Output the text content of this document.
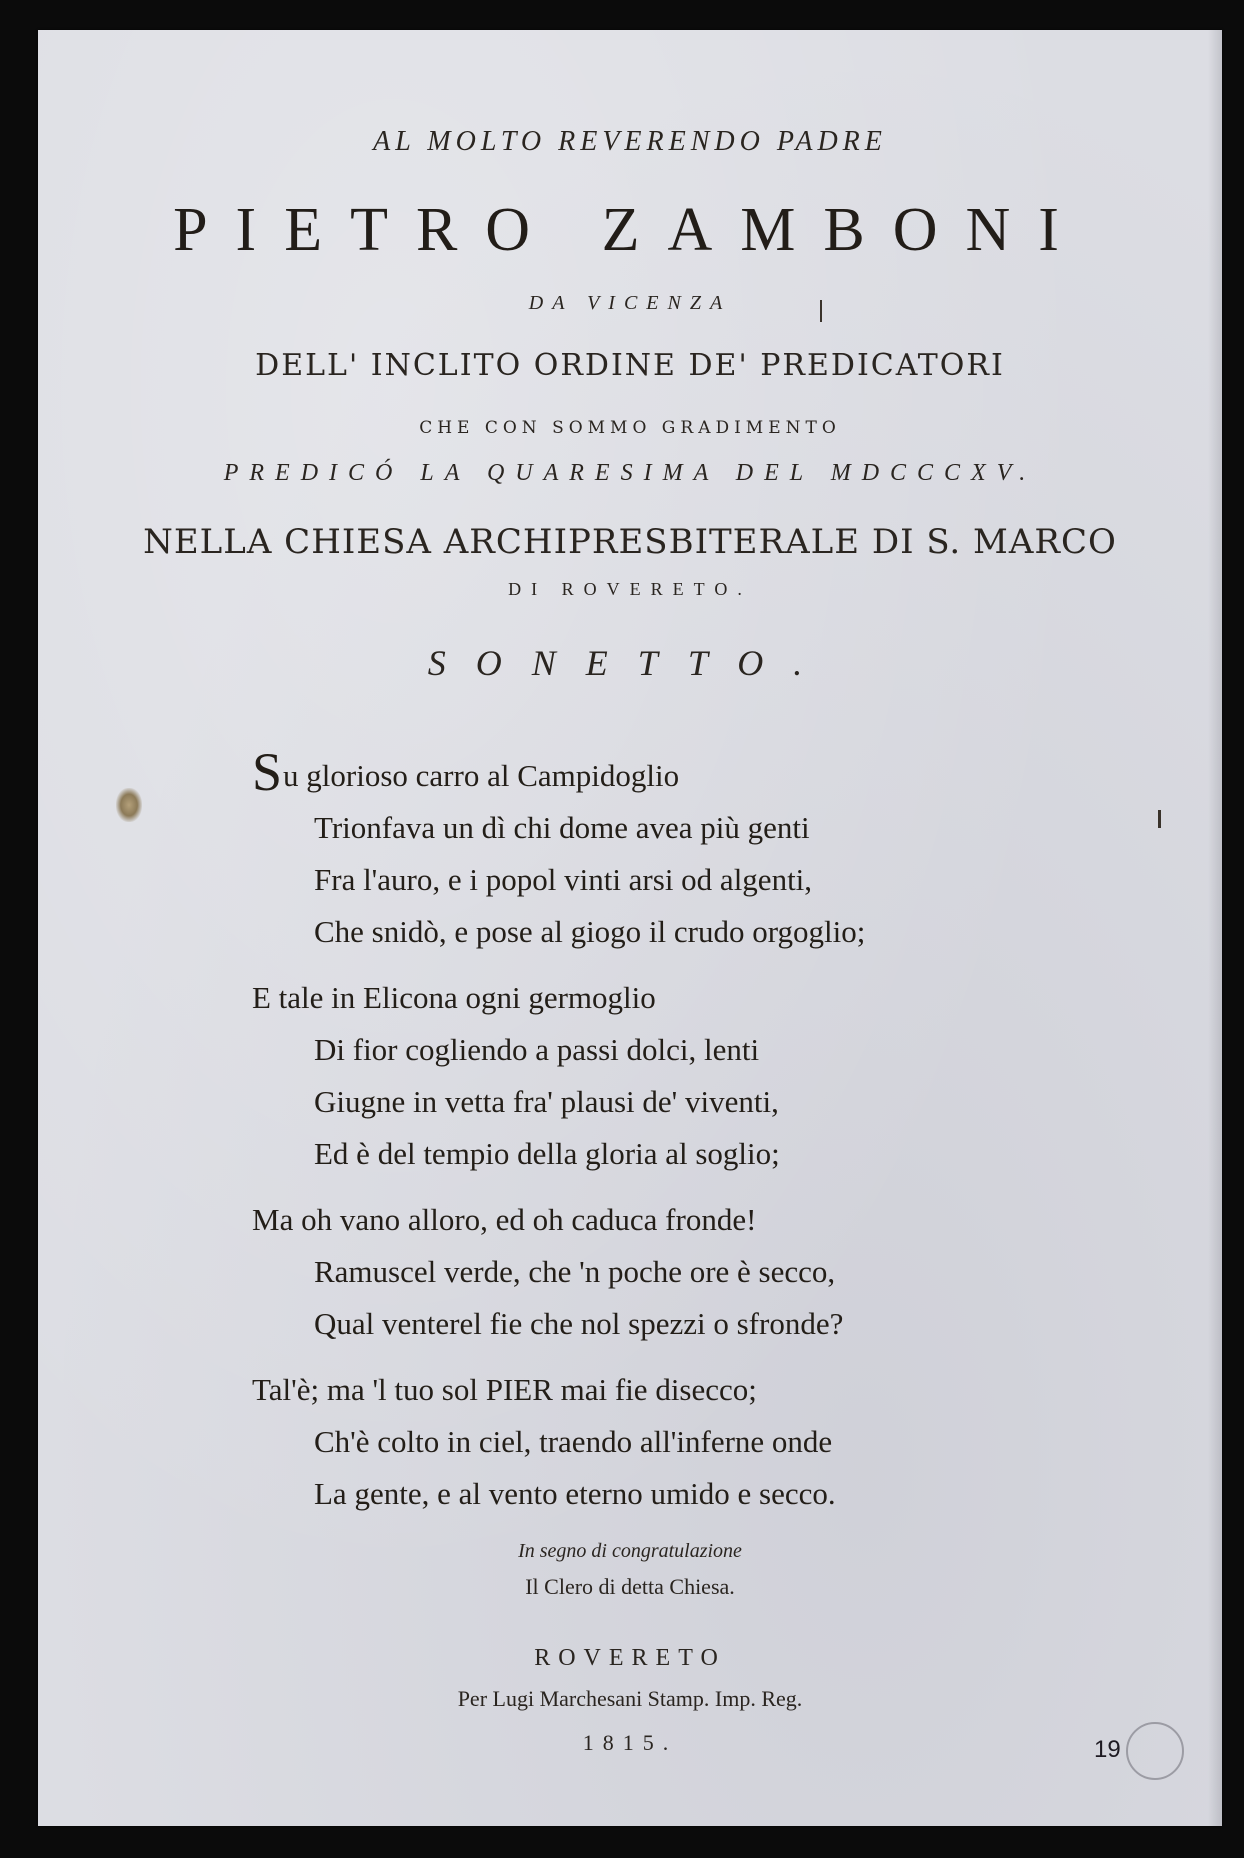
AL MOLTO REVERENDO PADRE
PIETRO ZAMBONI
DA VICENZA
DELL' INCLITO ORDINE DE' PREDICATORI
CHE CON SOMMO GRADIMENTO
PREDICÓ LA QUARESIMA DEL MDCCCXV.
NELLA CHIESA ARCHIPRESBITERALE DI S. MARCO
DI ROVERETO.
SONETTO.
Su glorioso carro al Campidoglio
Trionfava un dì chi dome avea più genti
Fra l'auro, e i popol vinti arsi od algenti,
Che snidò, e pose al giogo il crudo orgoglio;
E tale in Elicona ogni germoglio
Di fior cogliendo a passi dolci, lenti
Giugne in vetta fra' plausi de' viventi,
Ed è del tempio della gloria al soglio;
Ma oh vano alloro, ed oh caduca fronde!
Ramuscel verde, che 'n poche ore è secco,
Qual venterel fie che nol spezzi o sfronde?
Tal'è; ma 'l tuo sol PIER mai fie disecco;
Ch'è colto in ciel, traendo all'inferne onde
La gente, e al vento eterno umido e secco.
In segno di congratulazione
Il Clero di detta Chiesa.
ROVERETO
Per Lugi Marchesani Stamp. Imp. Reg.
1815.
	19
